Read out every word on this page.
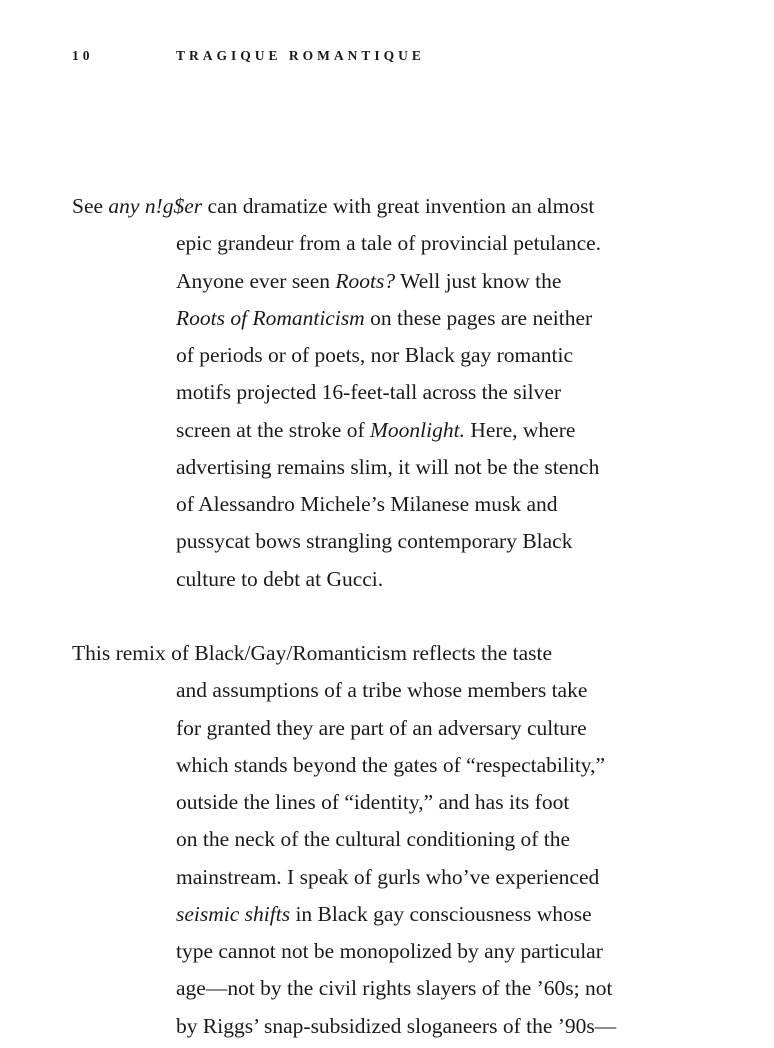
10	TRAGIQUE ROMANTIQUE
See any n!g$er can dramatize with great invention an almost
epic grandeur from a tale of provincial petulance.
Anyone ever seen Roots? Well just know the
Roots of Romanticism on these pages are neither
of periods or of poets, nor Black gay romantic
motifs projected 16-feet-tall across the silver
screen at the stroke of Moonlight. Here, where
advertising remains slim, it will not be the stench
of Alessandro Michele’s Milanese musk and
pussycat bows strangling contemporary Black
culture to debt at Gucci.
This remix of Black/Gay/Romanticism reflects the taste
and assumptions of a tribe whose members take
for granted they are part of an adversary culture
which stands beyond the gates of “respectability,”
outside the lines of “identity,” and has its foot
on the neck of the cultural conditioning of the
mainstream. I speak of gurls who’ve experienced
seismic shifts in Black gay consciousness whose
type cannot not be monopolized by any particular
age—not by the civil rights slayers of the ’60s; not
by Riggs’ snap-subsidized sloganeers of the ’90s—
